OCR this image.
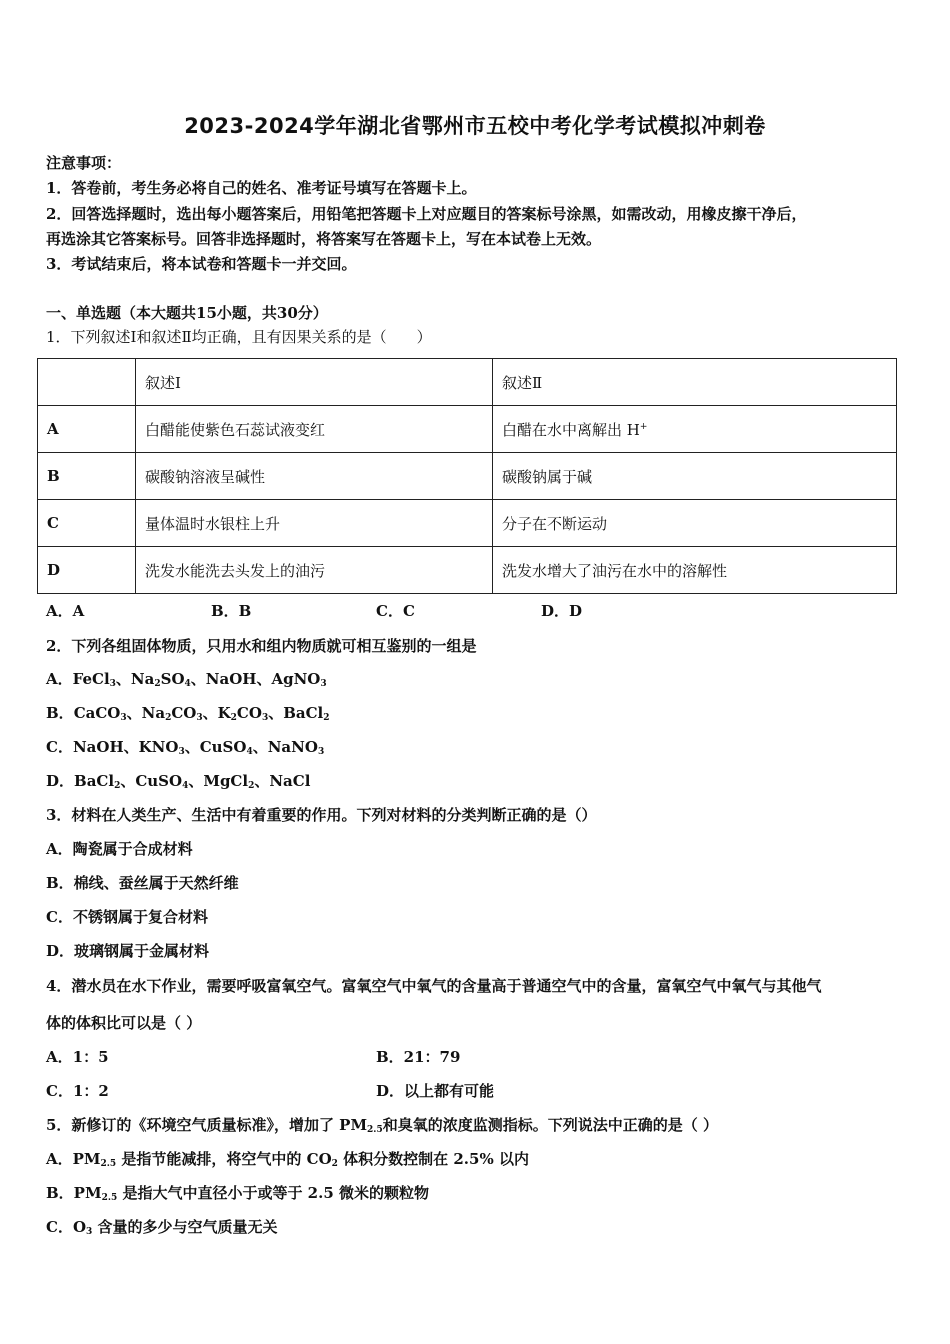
2023-2024学年湖北省鄂州市五校中考化学考试模拟冲刺卷
注意事项：
1．答卷前，考生务必将自己的姓名、准考证号填写在答题卡上。
2．回答选择题时，选出每小题答案后，用铅笔把答题卡上对应题目的答案标号涂黑，如需改动，用橡皮擦干净后，
再选涂其它答案标号。回答非选择题时，将答案写在答题卡上，写在本试卷上无效。
3．考试结束后，将本试卷和答题卡一并交回。
一、单选题（本大题共15小题，共30分）
1．下列叙述Ⅰ和叙述Ⅱ均正确，且有因果关系的是（　　）
	叙述Ⅰ	叙述Ⅱ
A	白醋能使紫色石蕊试液变红	白醋在水中离解出 H+
B	碳酸钠溶液呈碱性	碳酸钠属于碱
C	量体温时水银柱上升	分子在不断运动
D	洗发水能洗去头发上的油污	洗发水增大了油污在水中的溶解性
A．A	B．B	C．C	D．D
2．下列各组固体物质，只用水和组内物质就可相互鉴别的一组是
A．FeCl$_3$、$Na_2SO_4$、NaOH、AgNO$_3$
B．CaCO$_3$、$Na_2CO_3$、$K_2CO_3$、BaCl$_2$
C．NaOH、$KNO_3$、CuSO$_4$、NaNO$_3$
D．BaCl$_2$、CuSO$_4$、MgCl$_2$、NaCl
3．材料在人类生产、生活中有着重要的作用。下列对材料的分类判断正确的是（）
A．陶瓷属于合成材料
B．棉线、蚕丝属于天然纤维
C．不锈钢属于复合材料
D．玻璃钢属于金属材料
4．潜水员在水下作业，需要呼吸富氧空气。富氧空气中氧气的含量高于普通空气中的含量，富氧空气中氧气与其他气
体的体积比可以是（ ）
A．1：5	B．21：79
C．1：2	D．以上都有可能
5．新修订的《环境空气质量标准》，增加了 $PM_{2.5}$和臭氧的浓度监测指标。下列说法中正确的是（ ）
A．$PM_{2.5}$ 是指节能减排，将空气中的 $CO_2$ 体积分数控制在 2.5% 以内
B．$PM_{2.5}$ 是指大气中直径小于或等于 2.5 微米的颗粒物
C．$O_3$ 含量的多少与空气质量无关
